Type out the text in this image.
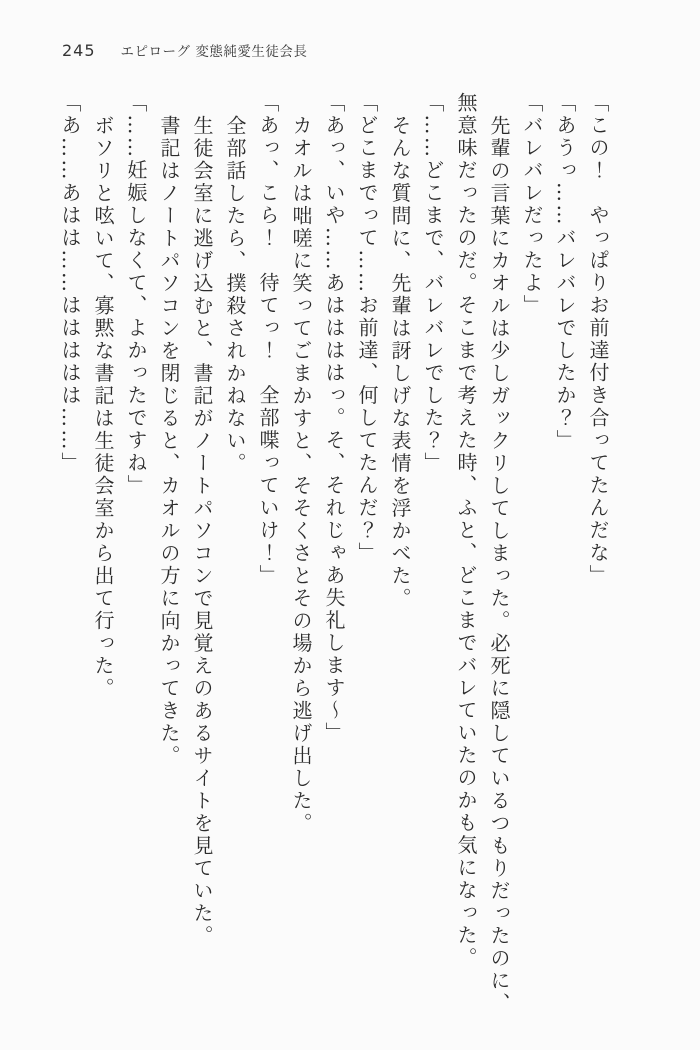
245 エピローグ 変態純愛生徒会長

「この！　やっぱりお前達付き合ってたんだな」

「あうっ……バレバレでしたか？」

「バレバレだったよ」

先輩の言葉にカオルは少しガックリしてしまった。必死に隠しているつもりだったのに、

無意味だったのだ。そこまで考えた時、ふと、どこまでバレていたのかも気になった。

「……どこまで、バレバレでした？」

そんな質問に、先輩は訝しげな表情を浮かべた。

「どこまでって……お前達、何してたんだ？」

「あっ、いや……あははははっ。そ、それじゃあ失礼します〜」

カオルは咄嗟に笑ってごまかすと、そそくさとその場から逃げ出した。

「あっ、こら！　待てっ！　全部喋っていけ！」

全部話したら、撲殺されかねない。

生徒会室に逃げ込むと、書記がノートパソコンで見覚えのあるサイトを見ていた。

書記はノートパソコンを閉じると、カオルの方に向かってきた。

「……妊娠しなくて、よかったですね」

ボソリと呟いて、寡黙な書記は生徒会室から出て行った。

「あ……あはは……ははははは……」
